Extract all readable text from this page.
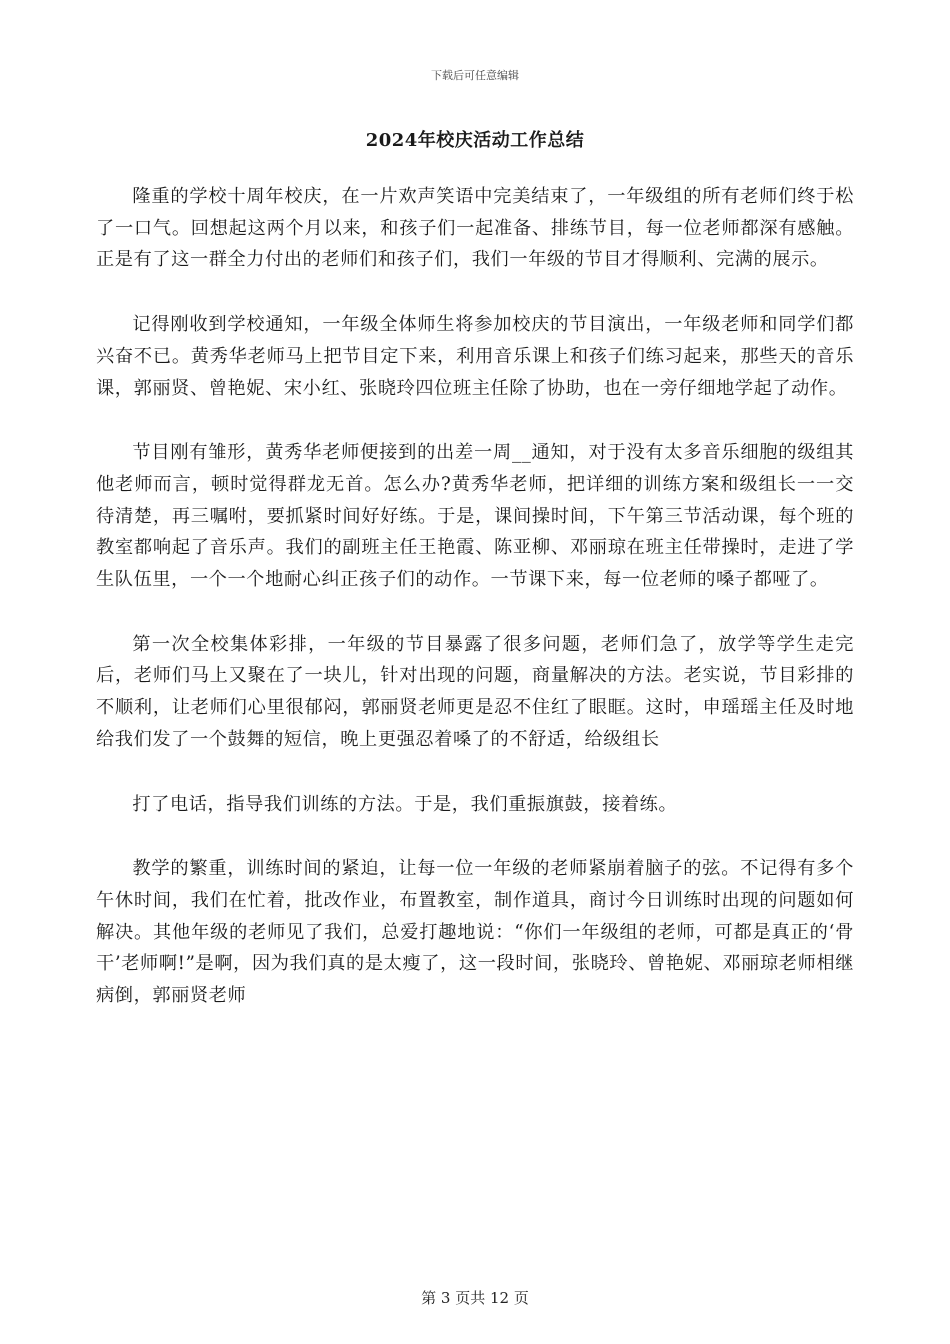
下载后可任意编辑
2024年校庆活动工作总结

隆重的学校十周年校庆，在一片欢声笑语中完美结束了，一年级组的所有老师们终于松了一口气。回想起这两个月以来，和孩子们一起准备、排练节目，每一位老师都深有感触。正是有了这一群全力付出的老师们和孩子们，我们一年级的节目才得顺利、完满的展示。

记得刚收到学校通知，一年级全体师生将参加校庆的节目演出，一年级老师和同学们都兴奋不已。黄秀华老师马上把节目定下来，利用音乐课上和孩子们练习起来，那些天的音乐课，郭丽贤、曾艳妮、宋小红、张晓玲四位班主任除了协助，也在一旁仔细地学起了动作。

节目刚有雏形，黄秀华老师便接到的出差一周__通知，对于没有太多音乐细胞的级组其他老师而言，顿时觉得群龙无首。怎么办?黄秀华老师，把详细的训练方案和级组长一一交待清楚，再三嘱咐，要抓紧时间好好练。于是，课间操时间，下午第三节活动课，每个班的教室都响起了音乐声。我们的副班主任王艳霞、陈亚柳、邓丽琼在班主任带操时，走进了学生队伍里，一个一个地耐心纠正孩子们的动作。一节课下来，每一位老师的嗓子都哑了。

第一次全校集体彩排，一年级的节目暴露了很多问题，老师们急了，放学等学生走完后，老师们马上又聚在了一块儿，针对出现的问题，商量解决的方法。老实说，节目彩排的不顺利，让老师们心里很郁闷，郭丽贤老师更是忍不住红了眼眶。这时，申瑶瑶主任及时地给我们发了一个鼓舞的短信，晚上更强忍着嗓了的不舒适，给级组长

打了电话，指导我们训练的方法。于是，我们重振旗鼓，接着练。

教学的繁重，训练时间的紧迫，让每一位一年级的老师紧崩着脑子的弦。不记得有多个午休时间，我们在忙着，批改作业，布置教室，制作道具，商讨今日训练时出现的问题如何解决。其他年级的老师见了我们，总爱打趣地说：“你们一年级组的老师，可都是真正的‘骨干’老师啊!”是啊，因为我们真的是太瘦了，这一段时间，张晓玲、曾艳妮、邓丽琼老师相继病倒，郭丽贤老师

第 3 页共 12 页
